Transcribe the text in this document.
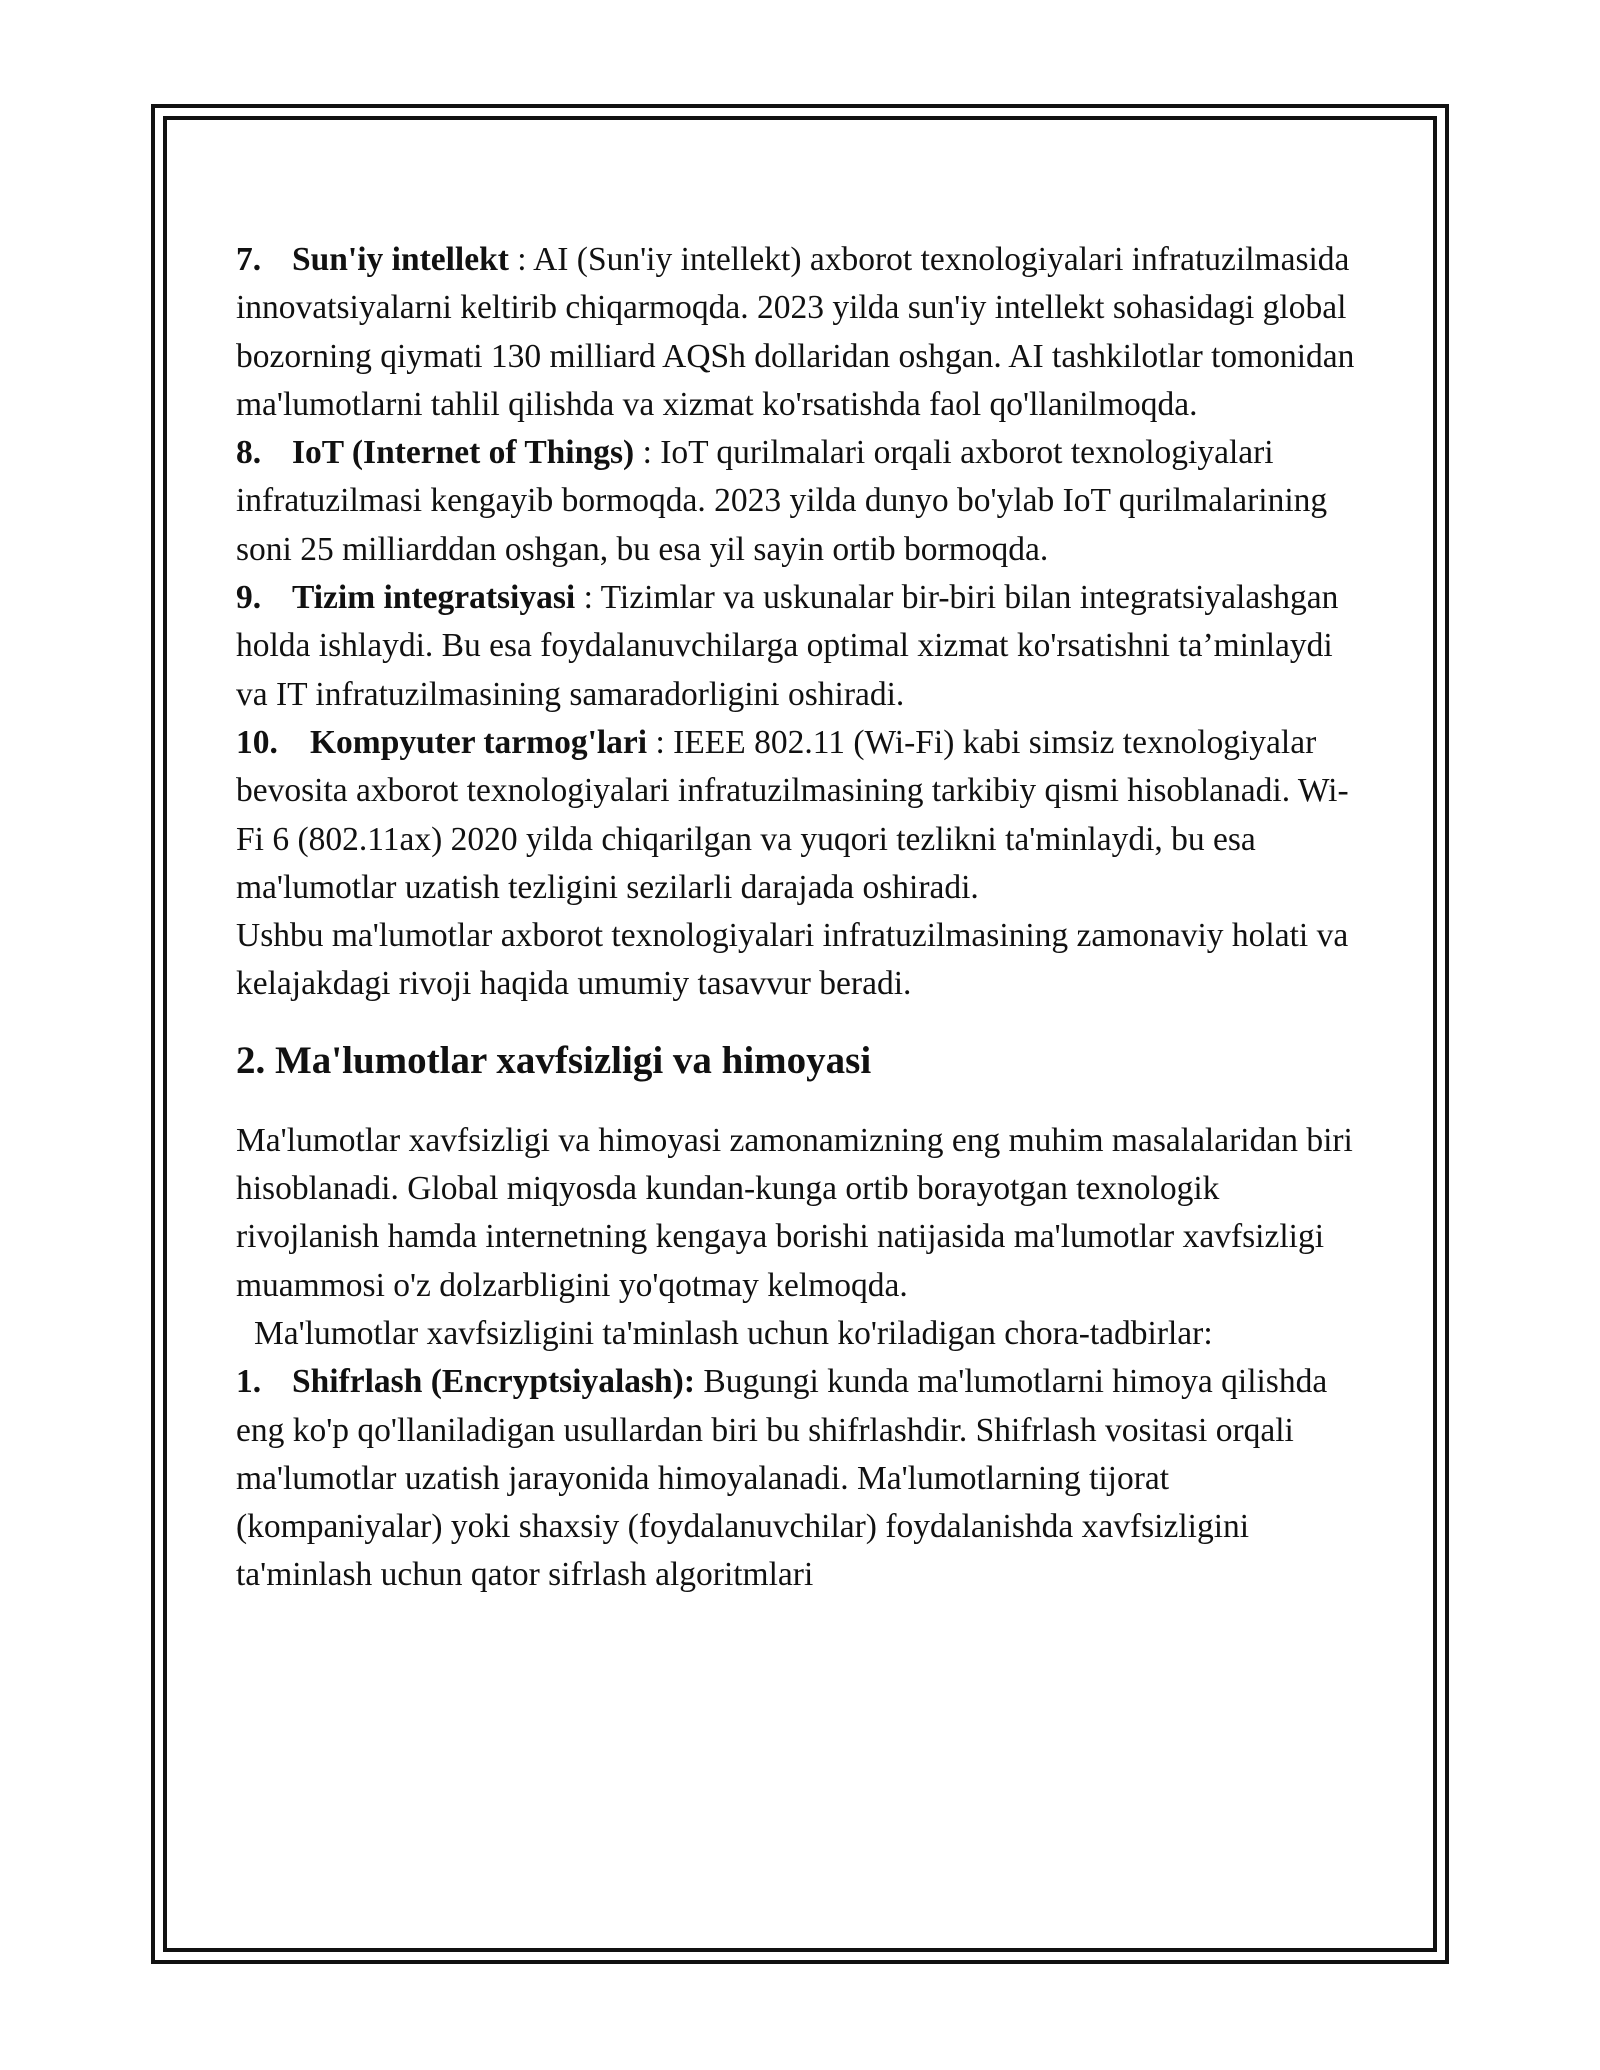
7. Sun'iy intellekt : AI (Sun'iy intellekt) axborot texnologiyalari infratuzilmasida innovatsiyalarni keltirib chiqarmoqda. 2023 yilda sun'iy intellekt sohasidagi global bozorning qiymati 130 milliard AQSh dollaridan oshgan. AI tashkilotlar tomonidan ma'lumotlarni tahlil qilishda va xizmat ko'rsatishda faol qo'llanilmoqda.

8. IoT (Internet of Things) : IoT qurilmalari orqali axborot texnologiyalari infratuzilmasi kengayib bormoqda. 2023 yilda dunyo bo'ylab IoT qurilmalarining soni 25 milliarddan oshgan, bu esa yil sayin ortib bormoqda.

9. Tizim integratsiyasi : Tizimlar va uskunalar bir-biri bilan integratsiyalashgan holda ishlaydi. Bu esa foydalanuvchilarga optimal xizmat ko'rsatishni ta’minlaydi va IT infratuzilmasining samaradorligini oshiradi.

10. Kompyuter tarmog'lari : IEEE 802.11 (Wi-Fi) kabi simsiz texnologiyalar bevosita axborot texnologiyalari infratuzilmasining tarkibiy qismi hisoblanadi. Wi-Fi 6 (802.11ax) 2020 yilda chiqarilgan va yuqori tezlikni ta'minlaydi, bu esa ma'lumotlar uzatish tezligini sezilarli darajada oshiradi.

Ushbu ma'lumotlar axborot texnologiyalari infratuzilmasining zamonaviy holati va kelajakdagi rivoji haqida umumiy tasavvur beradi.

2. Ma'lumotlar xavfsizligi va himoyasi

Ma'lumotlar xavfsizligi va himoyasi zamonamizning eng muhim masalalaridan biri hisoblanadi. Global miqyosda kundan-kunga ortib borayotgan texnologik rivojlanish hamda internetning kengaya borishi natijasida ma'lumotlar xavfsizligi muammosi o'z dolzarbligini yo'qotmay kelmoqda.

Ma'lumotlar xavfsizligini ta'minlash uchun ko'riladigan chora-tadbirlar:

1. Shifrlash (Encryptsiyalash): Bugungi kunda ma'lumotlarni himoya qilishda eng ko'p qo'llaniladigan usullardan biri bu shifrlashdir. Shifrlash vositasi orqali ma'lumotlar uzatish jarayonida himoyalanadi. Ma'lumotlarning tijorat (kompaniyalar) yoki shaxsiy (foydalanuvchilar) foydalanishda xavfsizligini ta'minlash uchun qator sifrlash algoritmlari
